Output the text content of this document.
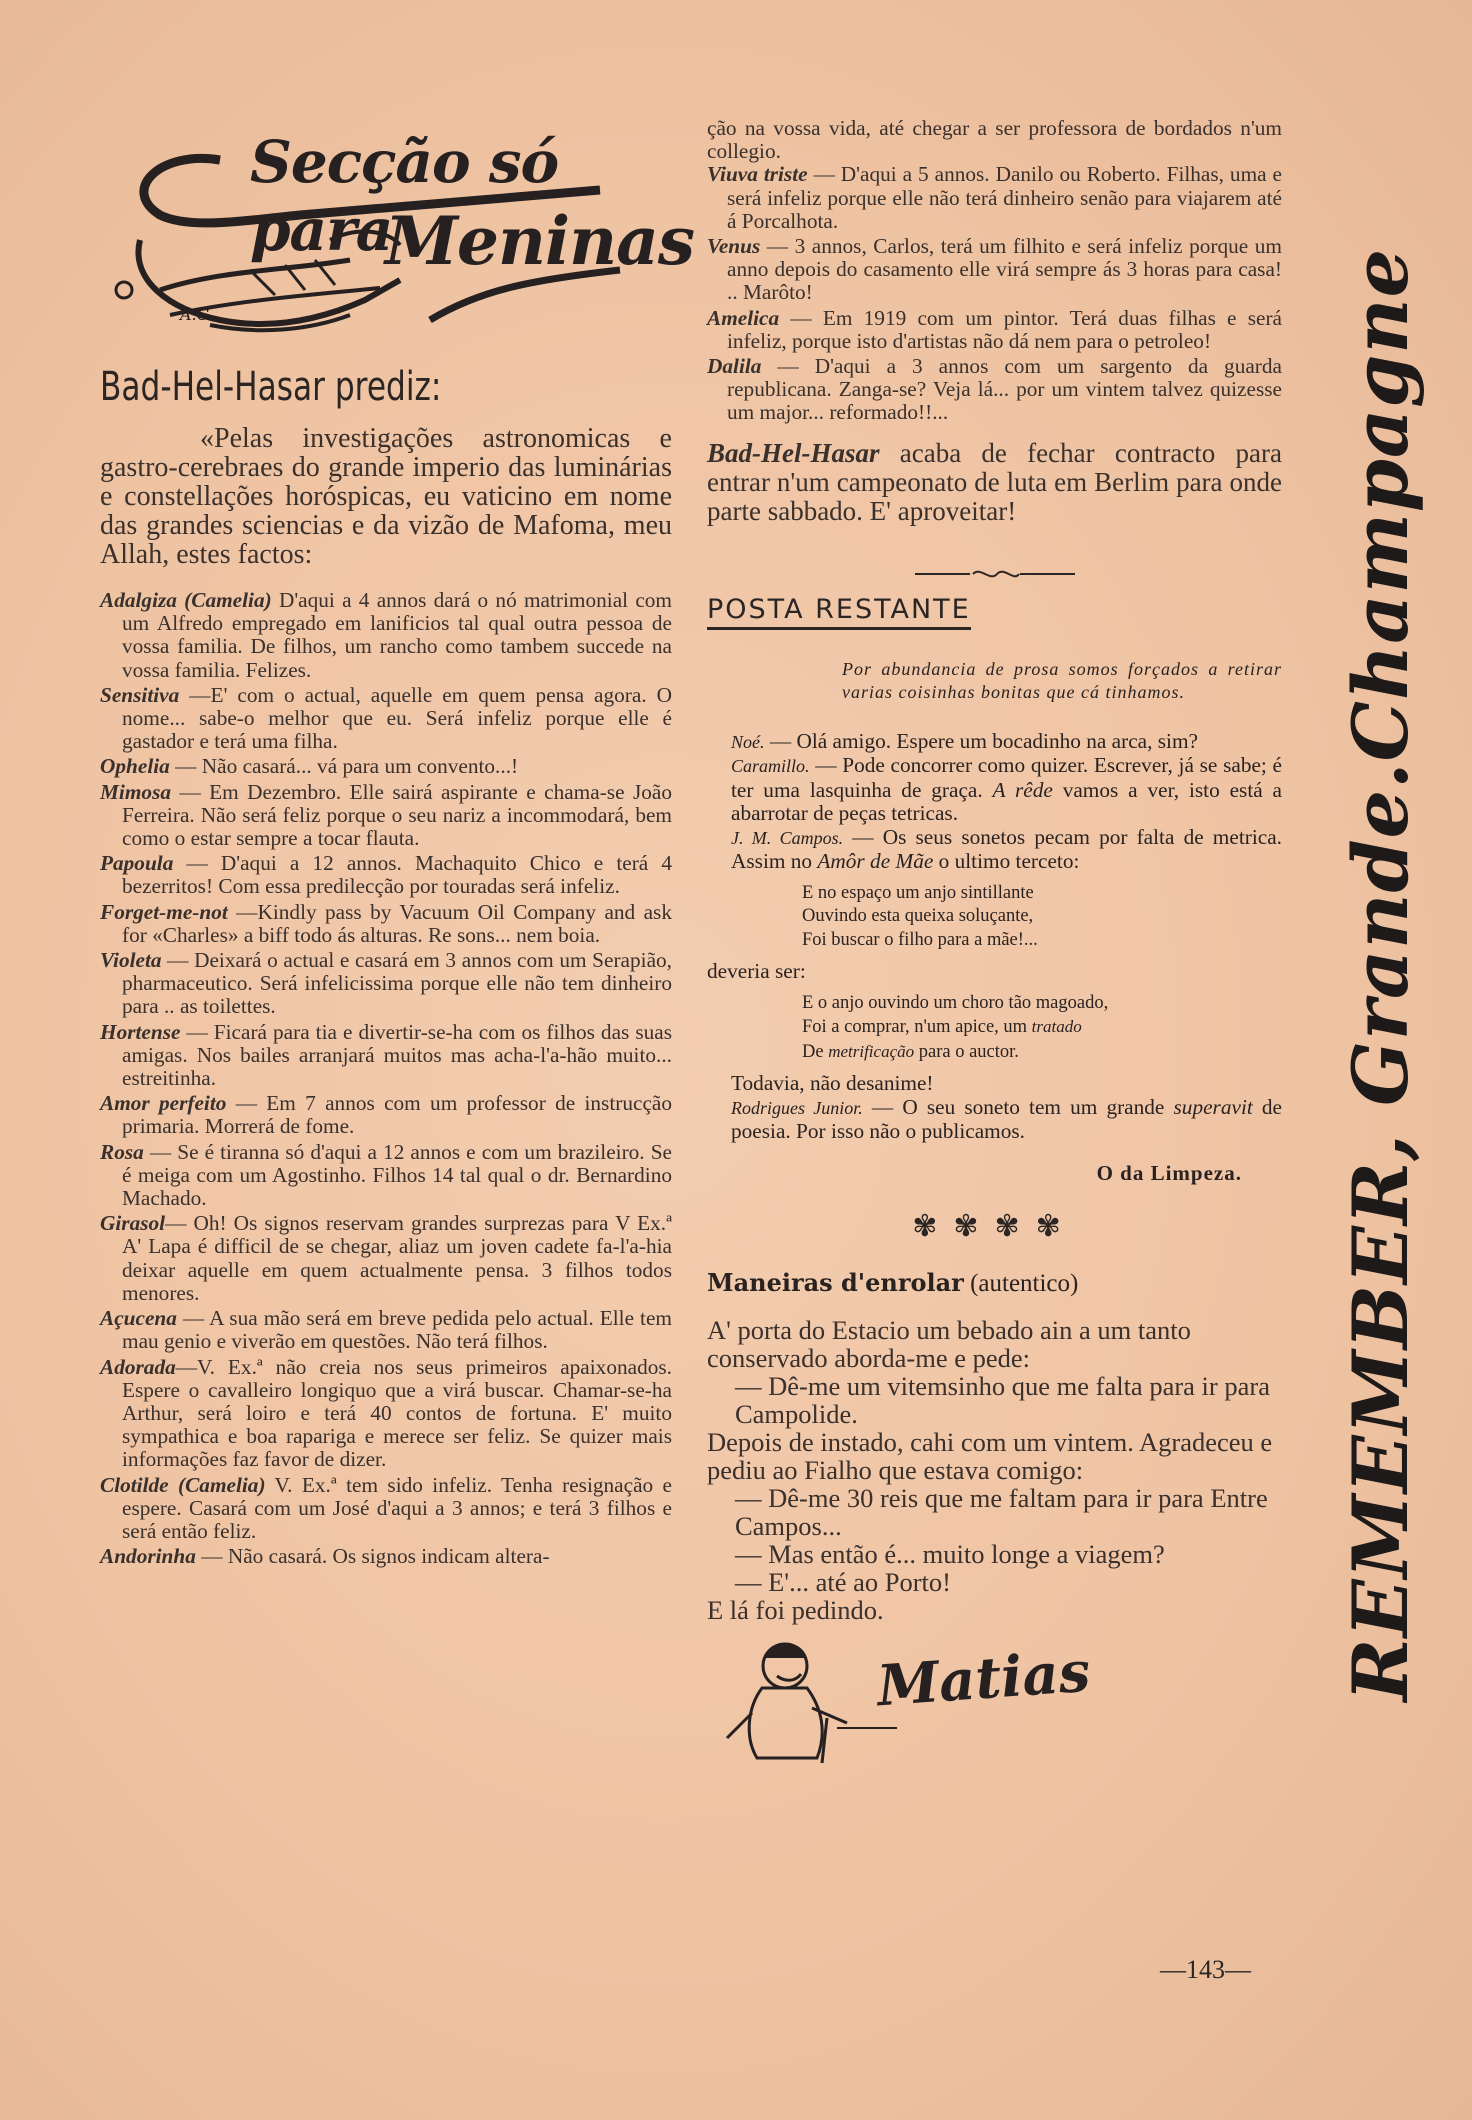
A.C.
Secção só para
Meninas
Bad-Hel-Hasar prediz:
«Pelas investigações astronomicas e gastro-cerebraes do grande imperio das luminárias e constellações horóspicas, eu vaticino em nome das grandes sciencias e da vizão de Mafoma, meu Allah, estes factos:
Adalgiza (Camelia) D'aqui a 4 annos dará o nó matrimonial com um Alfredo empregado em lanificios tal qual outra pessoa de vossa familia. De filhos, um rancho como tambem succede na vossa familia. Felizes.
Sensitiva —E' com o actual, aquelle em quem pensa agora. O nome... sabe-o melhor que eu. Será infeliz porque elle é gastador e terá uma filha.
Ophelia — Não casará... vá para um convento...!
Mimosa — Em Dezembro. Elle sairá aspirante e chama-se João Ferreira. Não será feliz porque o seu nariz a incommodará, bem como o estar sempre a tocar flauta.
Papoula — D'aqui a 12 annos. Machaquito Chico e terá 4 bezerritos! Com essa predilecção por touradas será infeliz.
Forget-me-not —Kindly pass by Vacuum Oil Company and ask for «Charles» a biff todo ás alturas. Re sons... nem boia.
Violeta — Deixará o actual e casará em 3 annos com um Serapião, pharmaceutico. Será infelicissima porque elle não tem dinheiro para .. as toilettes.
Hortense — Ficará para tia e divertir-se-ha com os filhos das suas amigas. Nos bailes arranjará muitos mas acha-l'a-hão muito... estreitinha.
Amor perfeito — Em 7 annos com um professor de instrucção primaria. Morrerá de fome.
Rosa — Se é tiranna só d'aqui a 12 annos e com um brazileiro. Se é meiga com um Agostinho. Filhos 14 tal qual o dr. Bernardino Machado.
Girasol— Oh! Os signos reservam grandes surprezas para V Ex.ª A' Lapa é difficil de se chegar, aliaz um joven cadete fa-l'a-hia deixar aquelle em quem actualmente pensa. 3 filhos todos menores.
Açucena — A sua mão será em breve pedida pelo actual. Elle tem mau genio e viverão em questões. Não terá filhos.
Adorada—V. Ex.ª não creia nos seus primeiros apaixonados. Espere o cavalleiro longiquo que a virá buscar. Chamar-se-ha Arthur, será loiro e terá 40 contos de fortuna. E' muito sympathica e boa rapariga e merece ser feliz. Se quizer mais informações faz favor de dizer.
Clotilde (Camelia) V. Ex.ª tem sido infeliz. Tenha resignação e espere. Casará com um José d'aqui a 3 annos; e terá 3 filhos e será então feliz.
Andorinha — Não casará. Os signos indicam altera-
ção na vossa vida, até chegar a ser professora de bordados n'um collegio.
Viuva triste — D'aqui a 5 annos. Danilo ou Roberto. Filhas, uma e será infeliz porque elle não terá dinheiro senão para viajarem até á Porcalhota.
Venus — 3 annos, Carlos, terá um filhito e será infeliz porque um anno depois do casamento elle virá sempre ás 3 horas para casa! .. Marôto!
Amelica — Em 1919 com um pintor. Terá duas filhas e será infeliz, porque isto d'artistas não dá nem para o petroleo!
Dalila — D'aqui a 3 annos com um sargento da guarda republicana. Zanga-se? Veja lá... por um vintem talvez quizesse um major... reformado!!...
Bad-Hel-Hasar acaba de fechar contracto para entrar n'um campeonato de luta em Berlim para onde parte sabbado. E' aproveitar!
POSTA RESTANTE
Por abundancia de prosa somos forçados a retirar varias coisinhas bonitas que cá tinhamos.
Noé. — Olá amigo. Espere um bocadinho na arca, sim?
Caramillo. — Pode concorrer como quizer. Escrever, já se sabe; é ter uma lasquinha de graça. A rêde vamos a ver, isto está a abarrotar de peças tetricas.
J. M. Campos. — Os seus sonetos pecam por falta de metrica. Assim no Amôr de Mãe o ultimo terceto:
E no espaço um anjo sintillante
Ouvindo esta queixa soluçante,
Foi buscar o filho para a mãe!...
deveria ser:
E o anjo ouvindo um choro tão magoado,
Foi a comprar, n'um apice, um tratado
De metrificação para o auctor.
Todavia, não desanime!
Rodrigues Junior. — O seu soneto tem um grande superavit de poesia. Por isso não o publicamos.
O da Limpeza.
✾✾✾✾
Maneiras d'enrolar (autentico)

A' porta do Estacio um bebado ain a um tanto conservado aborda-me e pede:

— Dê-me um vitemsinho que me falta para ir para Campolide.

Depois de instado, cahi com um vintem. Agradeceu e pediu ao Fialho que estava comigo:

— Dê-me 30 reis que me faltam para ir para Entre Campos...

— Mas então é... muito longe a viagem?

— E'... até ao Porto!

E lá foi pedindo.

Matias
—143—
REMEMBER, Grande.Champagne
